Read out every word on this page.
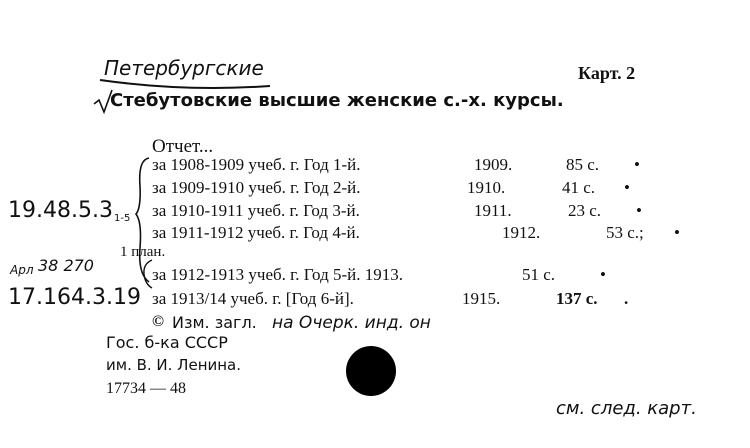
Петербургские	Карт. 2
Стебутовские высшие женские с.-х. курсы.
Отчет...
за 1908-1909 учеб. г. Год 1-й.	1909.	85 с. •
за 1909-1910 учеб. г. Год 2-й.	1910.	41 с. •
за 1910-1911 учеб. г. Год 3-й.	1911.	23 с. •
за 1911-1912 учеб. г. Год 4-й.	1912.	53 с.; •
1 план.
за 1912-1913 учеб. г. Год 5-й. 1913.	51 с.	•
за 1913/14 учеб. г. [Год 6-й].	1915.	137 с. .
19.48.5.3 1-5
Арл 38 270
17.164.3.19
© Изм. загл. на Очерк. инд. он
Гос. б-ка СССР
им. В. И. Ленина.
17734 — 48
см. след. карт.
